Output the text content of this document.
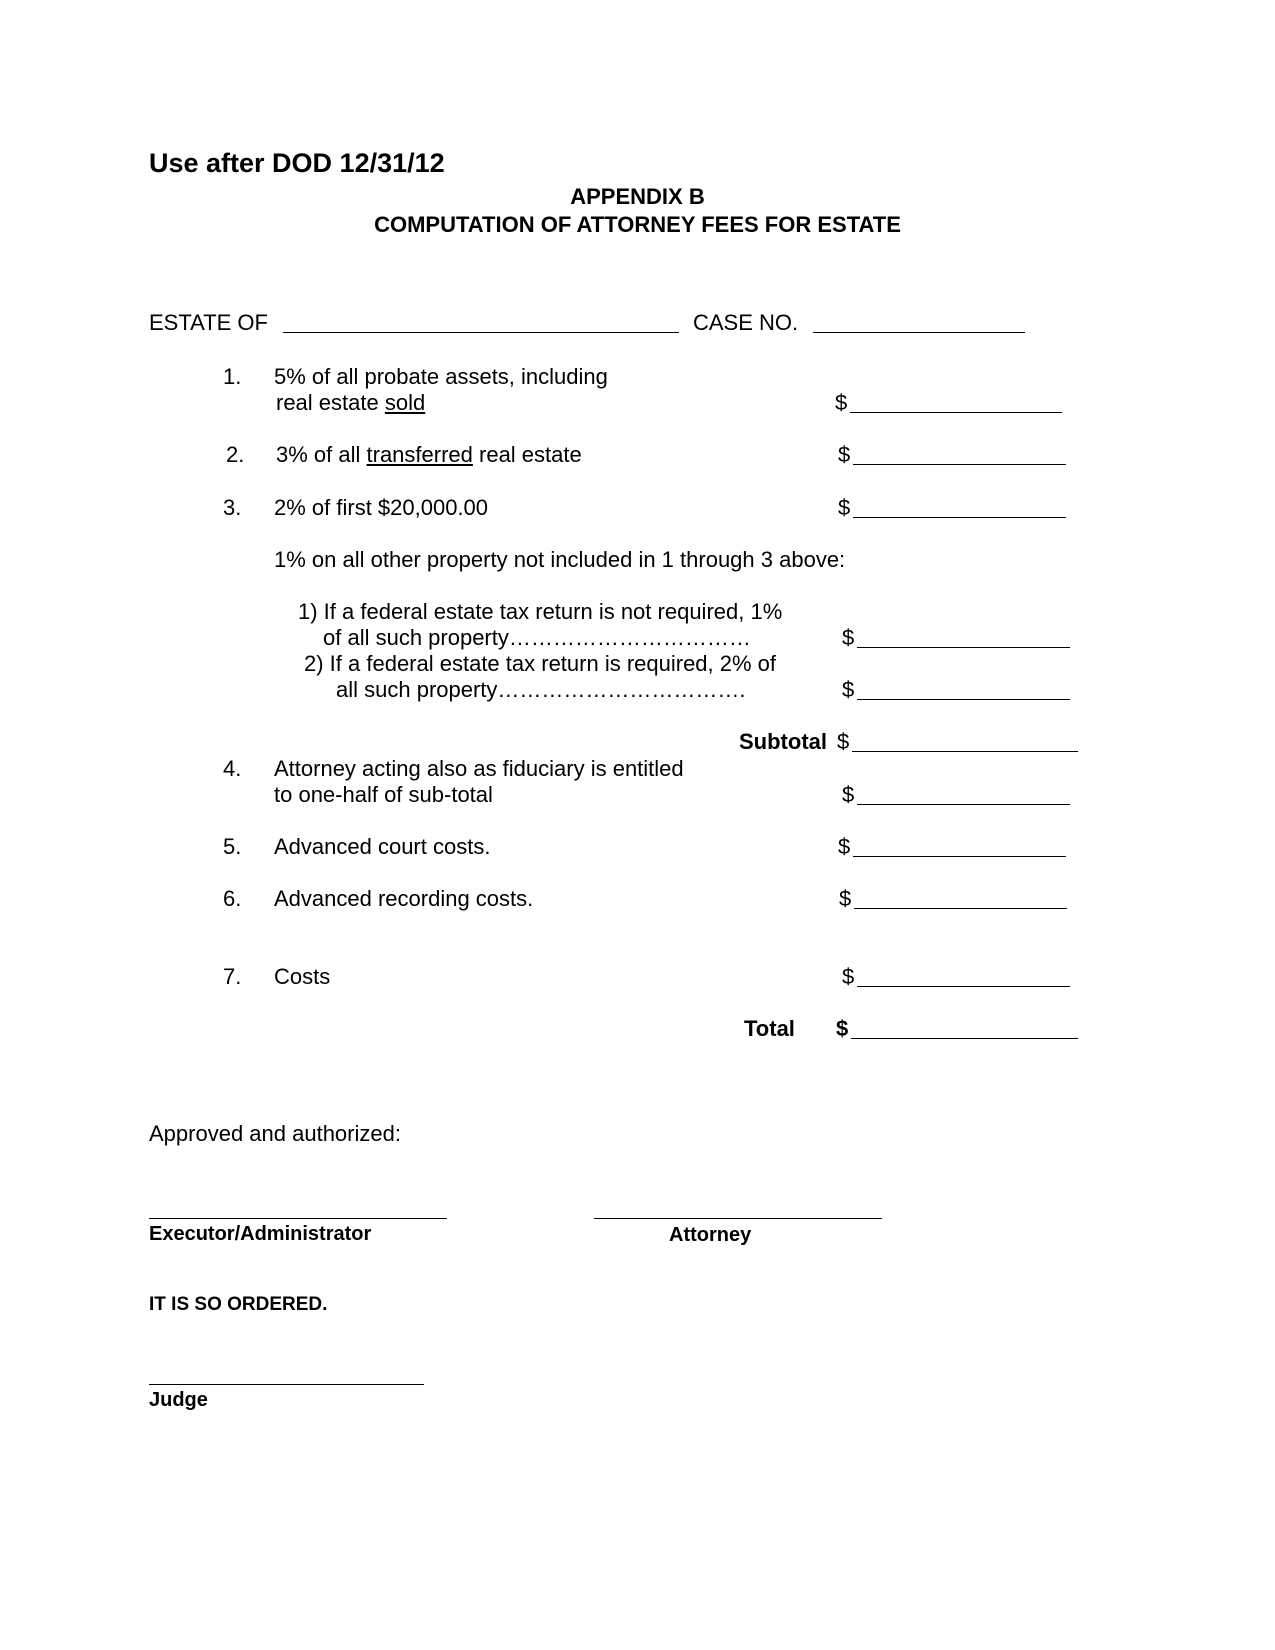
Use after DOD 12/31/12
APPENDIX B
COMPUTATION OF ATTORNEY FEES FOR ESTATE
ESTATE OF	CASE NO.
1. 5% of all probate assets, including
real estate sold	$
2. 3% of all transferred real estate	$
3. 2% of first $20,000.00	$
1% on all other property not included in 1 through 3 above:
1) If a federal estate tax return is not required, 1%
of all such property……………………………	$
2) If a federal estate tax return is required, 2% of
all such property…………………………….	$
Subtotal $
4. Attorney acting also as fiduciary is entitled
to one-half of sub-total	$
5. Advanced court costs.	$
6. Advanced recording costs.	$
7. Costs	$
Total $
Approved and authorized:
Executor/Administrator	Attorney
IT IS SO ORDERED.
Judge
